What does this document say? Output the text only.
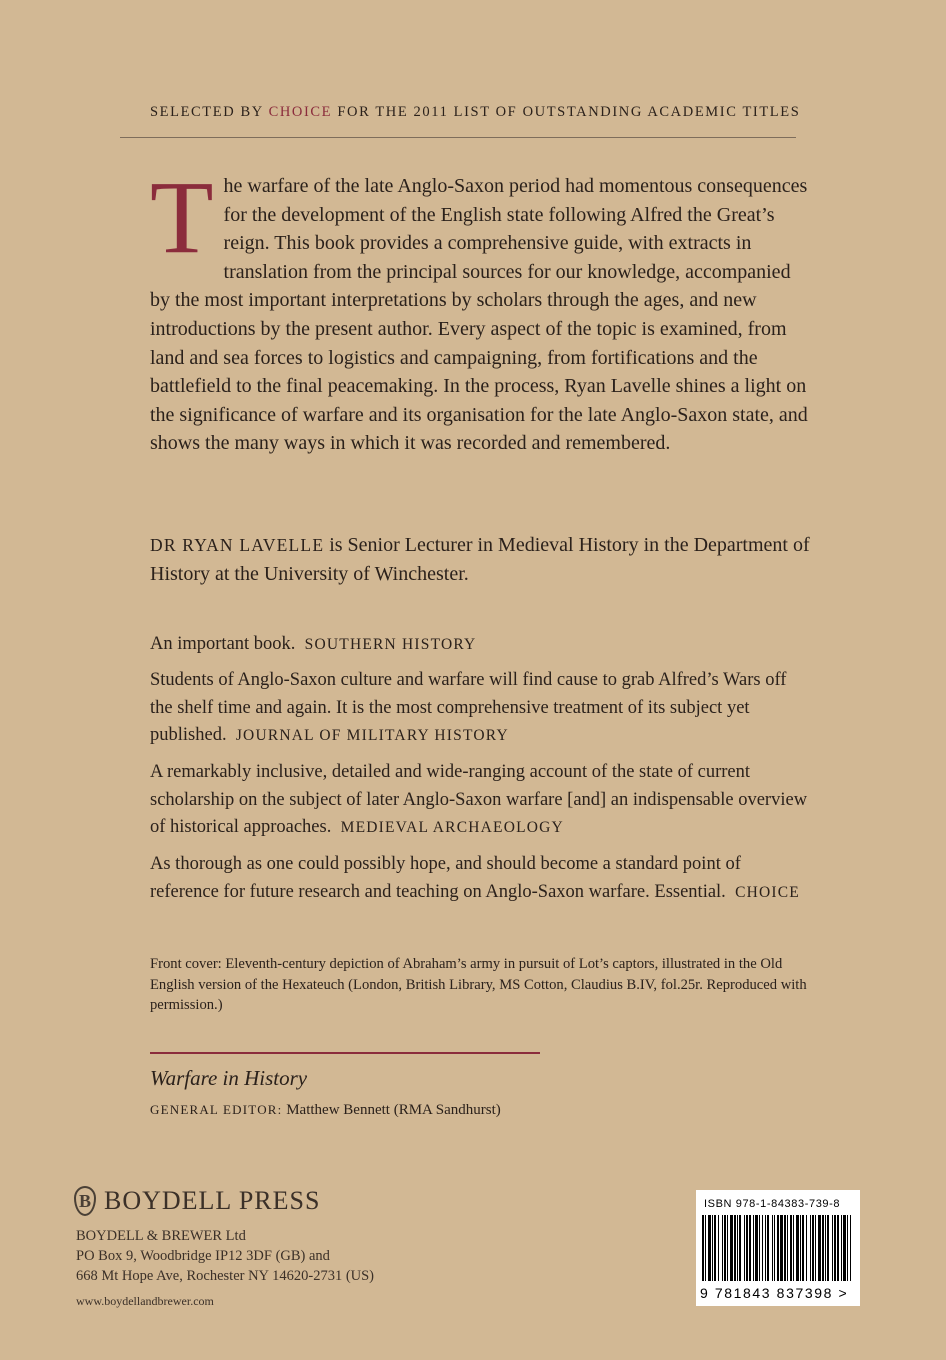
SELECTED BY CHOICE FOR THE 2011 LIST OF OUTSTANDING ACADEMIC TITLES
The warfare of the late Anglo-Saxon period had momentous consequences for the development of the English state following Alfred the Great’s reign. This book provides a comprehensive guide, with extracts in translation from the principal sources for our knowledge, accompanied by the most important interpretations by scholars through the ages, and new introductions by the present author. Every aspect of the topic is examined, from land and sea forces to logistics and campaigning, from fortifications and the battlefield to the final peacemaking. In the process, Ryan Lavelle shines a light on the significance of warfare and its organisation for the late Anglo-Saxon state, and shows the many ways in which it was recorded and remembered.
DR RYAN LAVELLE is Senior Lecturer in Medieval History in the Department of History at the University of Winchester.
An important book. SOUTHERN HISTORY
Students of Anglo-Saxon culture and warfare will find cause to grab Alfred’s Wars off the shelf time and again. It is the most comprehensive treatment of its subject yet published. JOURNAL OF MILITARY HISTORY
A remarkably inclusive, detailed and wide-ranging account of the state of current scholarship on the subject of later Anglo-Saxon warfare [and] an indispensable overview of historical approaches. MEDIEVAL ARCHAEOLOGY
As thorough as one could possibly hope, and should become a standard point of reference for future research and teaching on Anglo-Saxon warfare. Essential. CHOICE
Front cover: Eleventh-century depiction of Abraham’s army in pursuit of Lot’s captors, illustrated in the Old English version of the Hexateuch (London, British Library, MS Cotton, Claudius B.IV, fol.25r. Reproduced with permission.)
Warfare in History
GENERAL EDITOR: Matthew Bennett (RMA Sandhurst)
B BOYDELL PRESS
BOYDELL & BREWER Ltd
PO Box 9, Woodbridge IP12 3DF (GB) and
668 Mt Hope Ave, Rochester NY 14620-2731 (US)
www.boydellandbrewer.com
ISBN 978-1-84383-739-8
9 781843 837398 >
